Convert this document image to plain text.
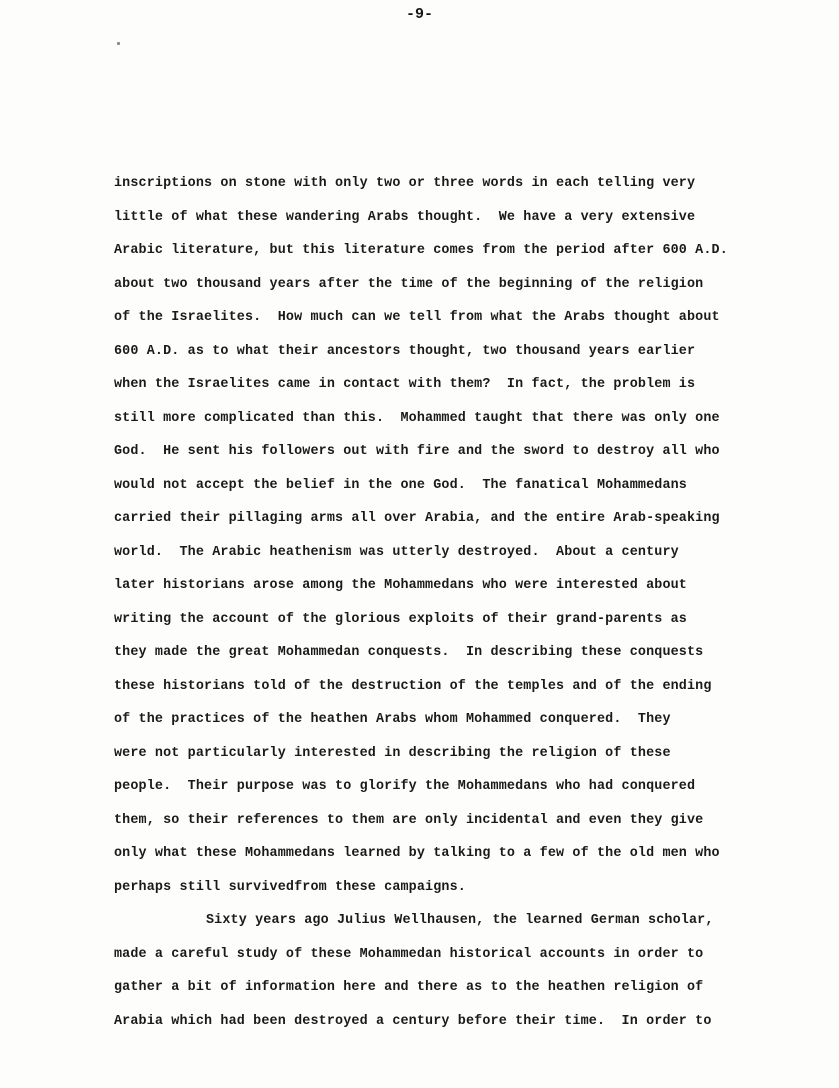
-9-
inscriptions on stone with only two or three words in each telling very
little of what these wandering Arabs thought.  We have a very extensive
Arabic literature, but this literature comes from the period after 600 A.D.
about two thousand years after the time of the beginning of the religion
of the Israelites.  How much can we tell from what the Arabs thought about
600 A.D. as to what their ancestors thought, two thousand years earlier
when the Israelites came in contact with them?  In fact, the problem is
still more complicated than this.  Mohammed taught that there was only one
God.  He sent his followers out with fire and the sword to destroy all who
would not accept the belief in the one God.  The fanatical Mohammedans
carried their pillaging arms all over Arabia, and the entire Arab-speaking
world.  The Arabic heathenism was utterly destroyed.  About a century
later historians arose among the Mohammedans who were interested about
writing the account of the glorious exploits of their grand-parents as
they made the great Mohammedan conquests.  In describing these conquests
these historians told of the destruction of the temples and of the ending
of the practices of the heathen Arabs whom Mohammed conquered.  They
were not particularly interested in describing the religion of these
people.  Their purpose was to glorify the Mohammedans who had conquered
them, so their references to them are only incidental and even they give
only what these Mohammedans learned by talking to a few of the old men who
perhaps still survivedfrom these campaigns.
Sixty years ago Julius Wellhausen, the learned German scholar,
made a careful study of these Mohammedan historical accounts in order to
gather a bit of information here and there as to the heathen religion of
Arabia which had been destroyed a century before their time.  In order to
